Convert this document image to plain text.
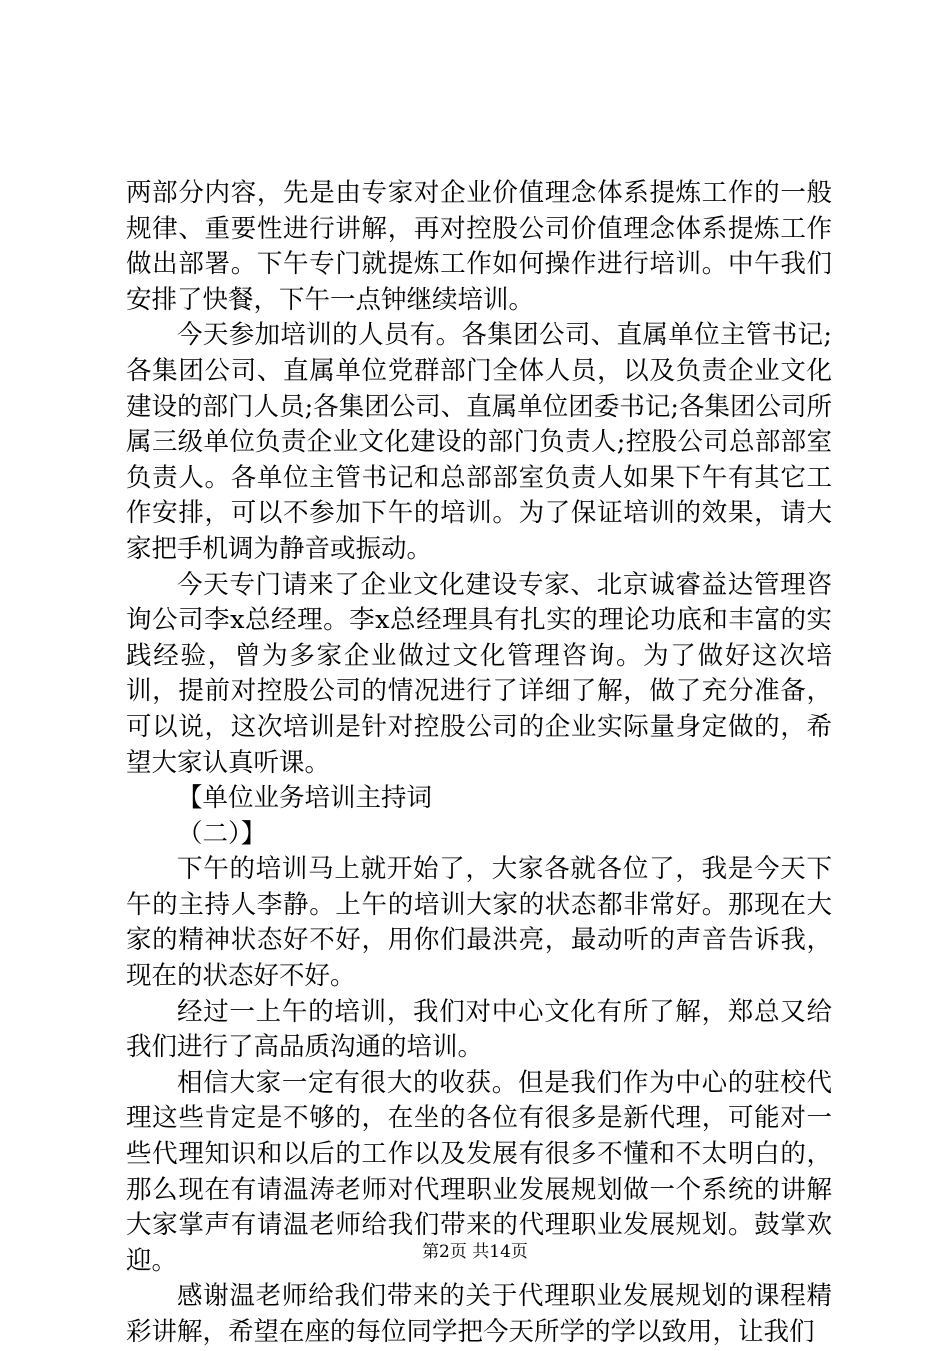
两部分内容，先是由专家对企业价值理念体系提炼工作的一般规律、重要性进行讲解，再对控股公司价值理念体系提炼工作做出部署。下午专门就提炼工作如何操作进行培训。中午我们安排了快餐，下午一点钟继续培训。

今天参加培训的人员有。各集团公司、直属单位主管书记;各集团公司、直属单位党群部门全体人员，以及负责企业文化建设的部门人员;各集团公司、直属单位团委书记;各集团公司所属三级单位负责企业文化建设的部门负责人;控股公司总部部室负责人。各单位主管书记和总部部室负责人如果下午有其它工作安排，可以不参加下午的培训。为了保证培训的效果，请大家把手机调为静音或振动。

今天专门请来了企业文化建设专家、北京诚睿益达管理咨询公司李x总经理。李x总经理具有扎实的理论功底和丰富的实践经验，曾为多家企业做过文化管理咨询。为了做好这次培训，提前对控股公司的情况进行了详细了解，做了充分准备，可以说，这次培训是针对控股公司的企业实际量身定做的，希望大家认真听课。

【单位业务培训主持词

（二）】

下午的培训马上就开始了，大家各就各位了，我是今天下午的主持人李静。上午的培训大家的状态都非常好。那现在大家的精神状态好不好，用你们最洪亮，最动听的声音告诉我，现在的状态好不好。

经过一上午的培训，我们对中心文化有所了解，郑总又给我们进行了高品质沟通的培训。

相信大家一定有很大的收获。但是我们作为中心的驻校代理这些肯定是不够的，在坐的各位有很多是新代理，可能对一些代理知识和以后的工作以及发展有很多不懂和不太明白的，那么现在有请温涛老师对代理职业发展规划做一个系统的讲解大家掌声有请温老师给我们带来的代理职业发展规划。鼓掌欢迎。

感谢温老师给我们带来的关于代理职业发展规划的课程精彩讲解，希望在座的每位同学把今天所学的学以致用，让我们

第2页 共14页
